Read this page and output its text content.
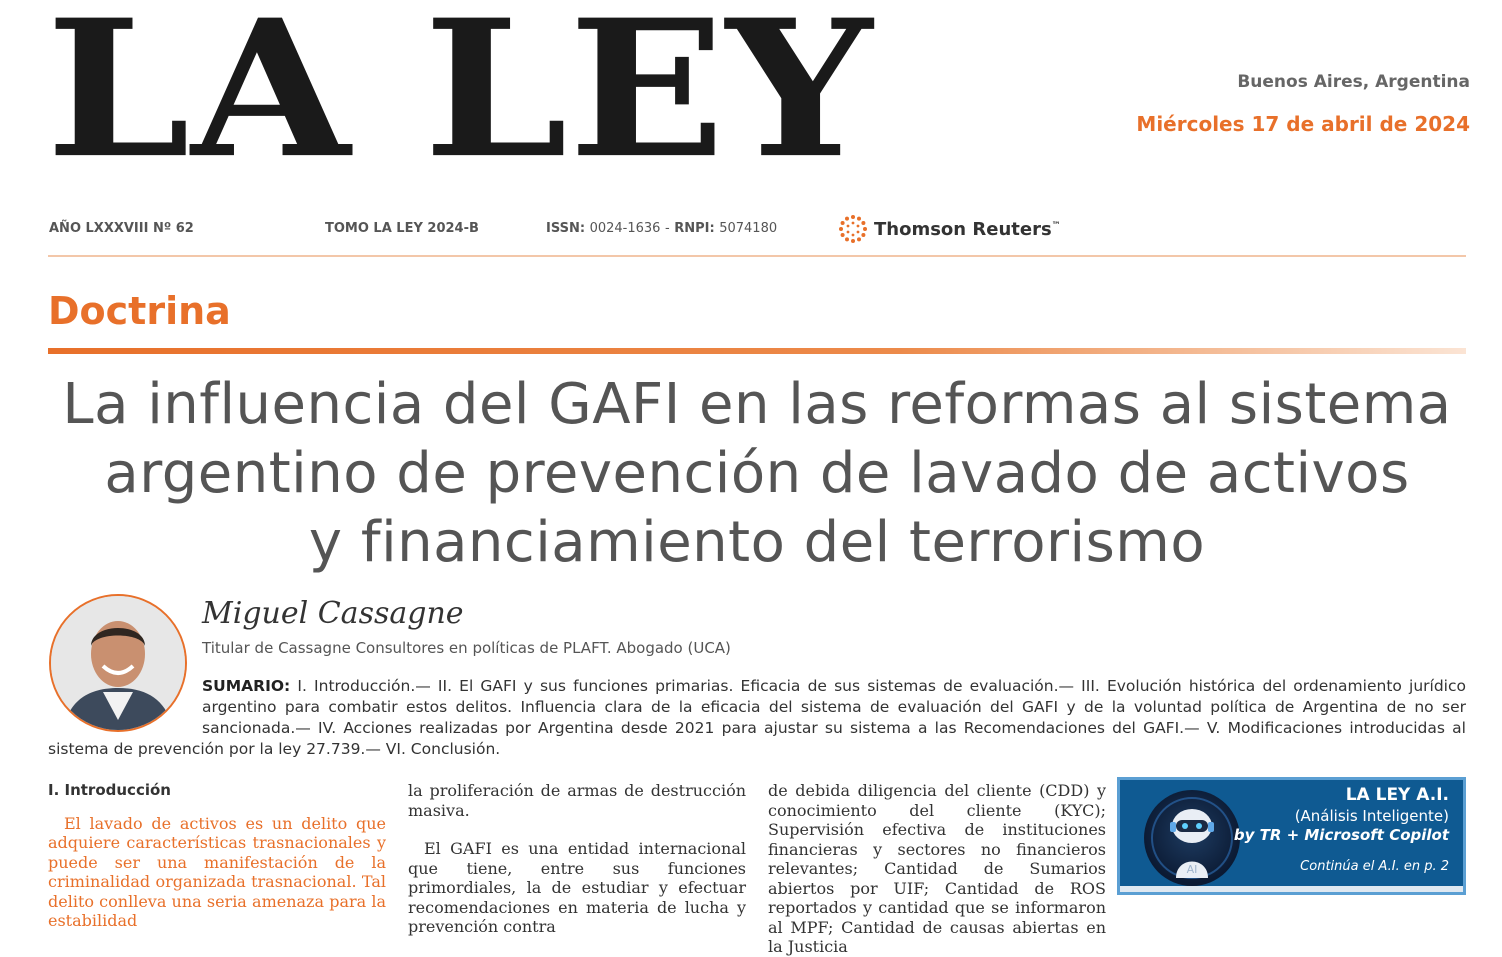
LA LEY	Buenos Aires, Argentina
Miércoles 17 de abril de 2024
AÑO LXXXVIII Nº 62	TOMO LA LEY 2024-B	ISSN: 0024-1636 - RNPI: 5074180	Thomson Reuters™
Doctrina
La influencia del GAFI en las reformas al sistema
argentino de prevención de lavado de activos
y financiamiento del terrorismo
Miguel Cassagne
Titular de Cassagne Consultores en políticas de PLAFT. Abogado (UCA)
SUMARIO: I. Introducción.— II. El GAFI y sus funciones primarias. Eficacia de sus sistemas de evaluación.— III. Evolución histórica del ordenamiento jurídico argentino para combatir estos delitos. Influencia clara de la eficacia del sistema de evaluación del GAFI y de la voluntad política de Argentina de no ser sancionada.— IV. Acciones realizadas por Argentina desde 2021 para ajustar su sistema a las Recomendaciones del GAFI.— V. Modificaciones introducidas al sistema de prevención por la ley 27.739.— VI. Conclusión.
I. Introducción

El lavado de activos es un delito que adquiere características trasnacionales y puede ser una manifestación de la criminalidad organizada trasnacional. Tal delito conlleva una seria amenaza para la estabilidad

la proliferación de armas de destrucción masiva.

El GAFI es una entidad internacional que tiene, entre sus funciones primordiales, la de estudiar y efectuar recomendaciones en materia de lucha y prevención contra

de debida diligencia del cliente (CDD) y conocimiento del cliente (KYC); Supervisión efectiva de instituciones financieras y sectores no financieros relevantes; Cantidad de Sumarios abiertos por UIF; Cantidad de ROS reportados y cantidad que se informaron al MPF; Cantidad de causas abiertas en la Justicia

AI
LA LEY A.I.
(Análisis Inteligente)
by TR + Microsoft Copilot
Continúa el A.I. en p. 2
